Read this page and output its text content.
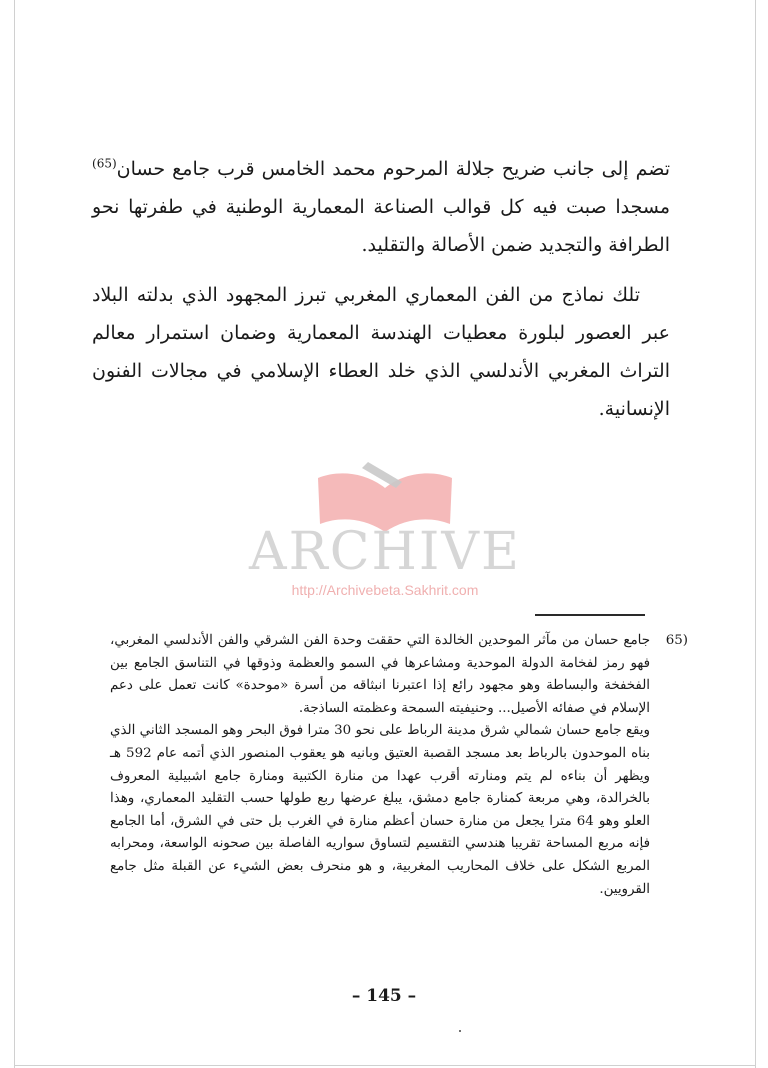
تضم إلى جانب ضريح جلالة المرحوم محمد الخامس قرب جامع حسان$^{(65)}$ مسجدا صبت فيه كل قوالب الصناعة المعمارية الوطنية في طفرتها نحو الطرافة والتجديد ضمن الأصالة والتقليد.

تلك نماذج من الفن المعماري المغربي تبرز المجهود الذي بدلته البلاد عبر العصور لبلورة معطيات الهندسة المعمارية وضمان استمرار معالم التراث المغربي الأندلسي الذي خلد العطاء الإسلامي في مجالات الفنون الإنسانية.

ARCHIVE
http://Archivebeta.Sakhrit.com

65)
جامع حسان من مآثر الموحدين الخالدة التي حققت وحدة الفن الشرقي والفن الأندلسي المغربي، فهو رمز لفخامة الدولة الموحدية ومشاعرها في السمو والعظمة وذوقها في التناسق الجامع بين الفخفخة والبساطة وهو مجهود رائع إذا اعتبرنا انبثاقه من أسرة «موحدة» كانت تعمل على دعم الإسلام في صفائه الأصيل... وحنيفيته السمحة وعظمته الساذجة.

ويقع جامع حسان شمالي شرق مدينة الرباط على نحو 30 مترا فوق البحر وهو المسجد الثاني الذي بناه الموحدون بالرباط بعد مسجد القصبة العتيق وبانيه هو يعقوب المنصور الذي أتمه عام 592 هـ ويظهر أن بناءه لم يتم ومنارته أقرب عهدا من منارة الكتبية ومنارة جامع اشبيلية المعروف بالخرالدة، وهي مربعة كمنارة جامع دمشق، يبلغ عرضها ربع طولها حسب التقليد المعماري، وهذا العلو وهو 64 مترا يجعل من منارة حسان أعظم منارة في الغرب بل حتى في الشرق، أما الجامع فإنه مربع المساحة تقريبا هندسي التقسيم لتساوق سواريه الفاصلة بين صحونه الواسعة، ومحرابه المربع الشكل على خلاف المحاريب المغربية، و هو منحرف بعض الشيء عن القبلة مثل جامع القرويين.

– 145 –
